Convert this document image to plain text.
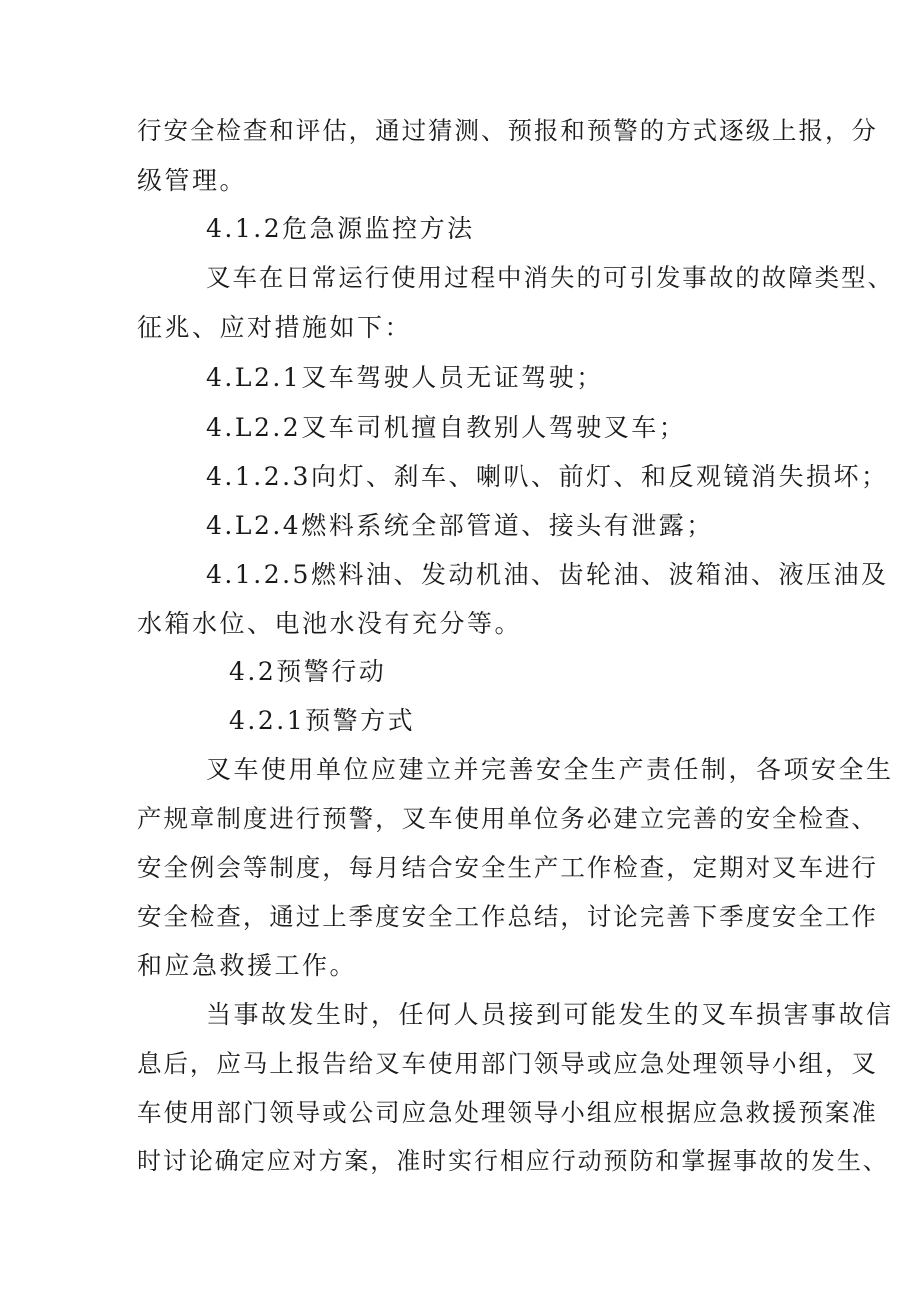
行安全检查和评估，通过猜测、预报和预警的方式逐级上报，分
级管理。
4.1.2危急源监控方法
叉车在日常运行使用过程中消失的可引发事故的故障类型、
征兆、应对措施如下：
4.L2.1叉车驾驶人员无证驾驶；
4.L2.2叉车司机擅自教别人驾驶叉车；
4.1.2.3向灯、刹车、喇叭、前灯、和反观镜消失损坏；
4.L2.4燃料系统全部管道、接头有泄露；
4.1.2.5燃料油、发动机油、齿轮油、波箱油、液压油及
水箱水位、电池水没有充分等。
4.2预警行动
4.2.1预警方式
叉车使用单位应建立并完善安全生产责任制，各项安全生
产规章制度进行预警，叉车使用单位务必建立完善的安全检查、
安全例会等制度，每月结合安全生产工作检查，定期对叉车进行
安全检查，通过上季度安全工作总结，讨论完善下季度安全工作
和应急救援工作。
当事故发生时，任何人员接到可能发生的叉车损害事故信
息后，应马上报告给叉车使用部门领导或应急处理领导小组，叉
车使用部门领导或公司应急处理领导小组应根据应急救援预案准
时讨论确定应对方案，准时实行相应行动预防和掌握事故的发生、
